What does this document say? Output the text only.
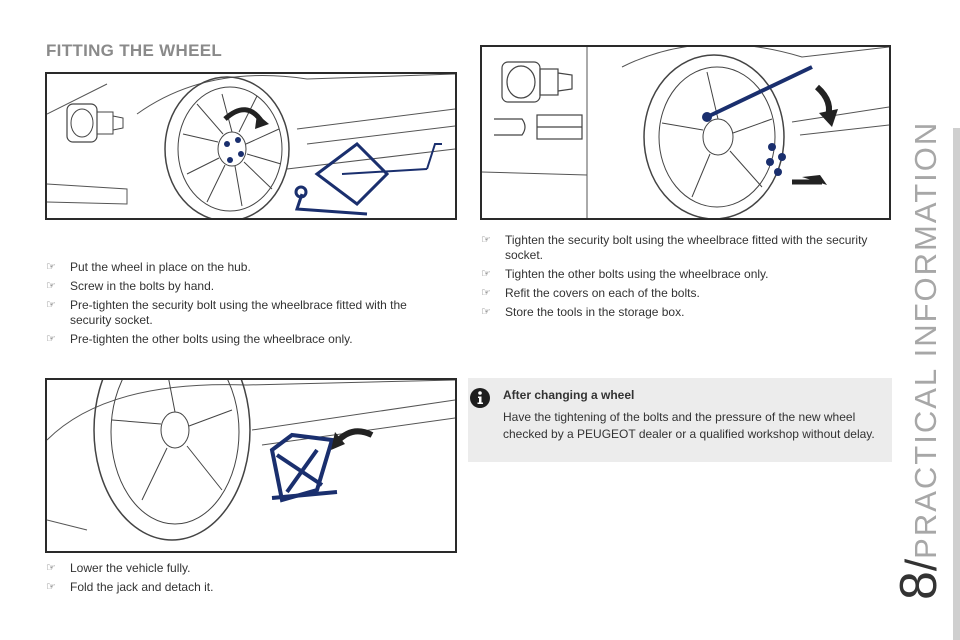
FITTING THE WHEEL
☞	Put the wheel in place on the hub.
☞	Screw in the bolts by hand.
☞	Pre-tighten the security bolt using the wheelbrace fitted with the security socket.
☞	Pre-tighten the other bolts using the wheelbrace only.
☞	Tighten the security bolt using the wheelbrace fitted with the security socket.
☞	Tighten the other bolts using the wheelbrace only.
☞	Refit the covers on each of the bolts.
☞	Store the tools in the storage box.
☞	Lower the vehicle fully.
☞	Fold the jack and detach it.
After changing a wheel
Have the tightening of the bolts and the pressure of the new wheel checked by a PEUGEOT dealer or a qualified workshop without delay.
8/PRACTICAL INFORMATION
